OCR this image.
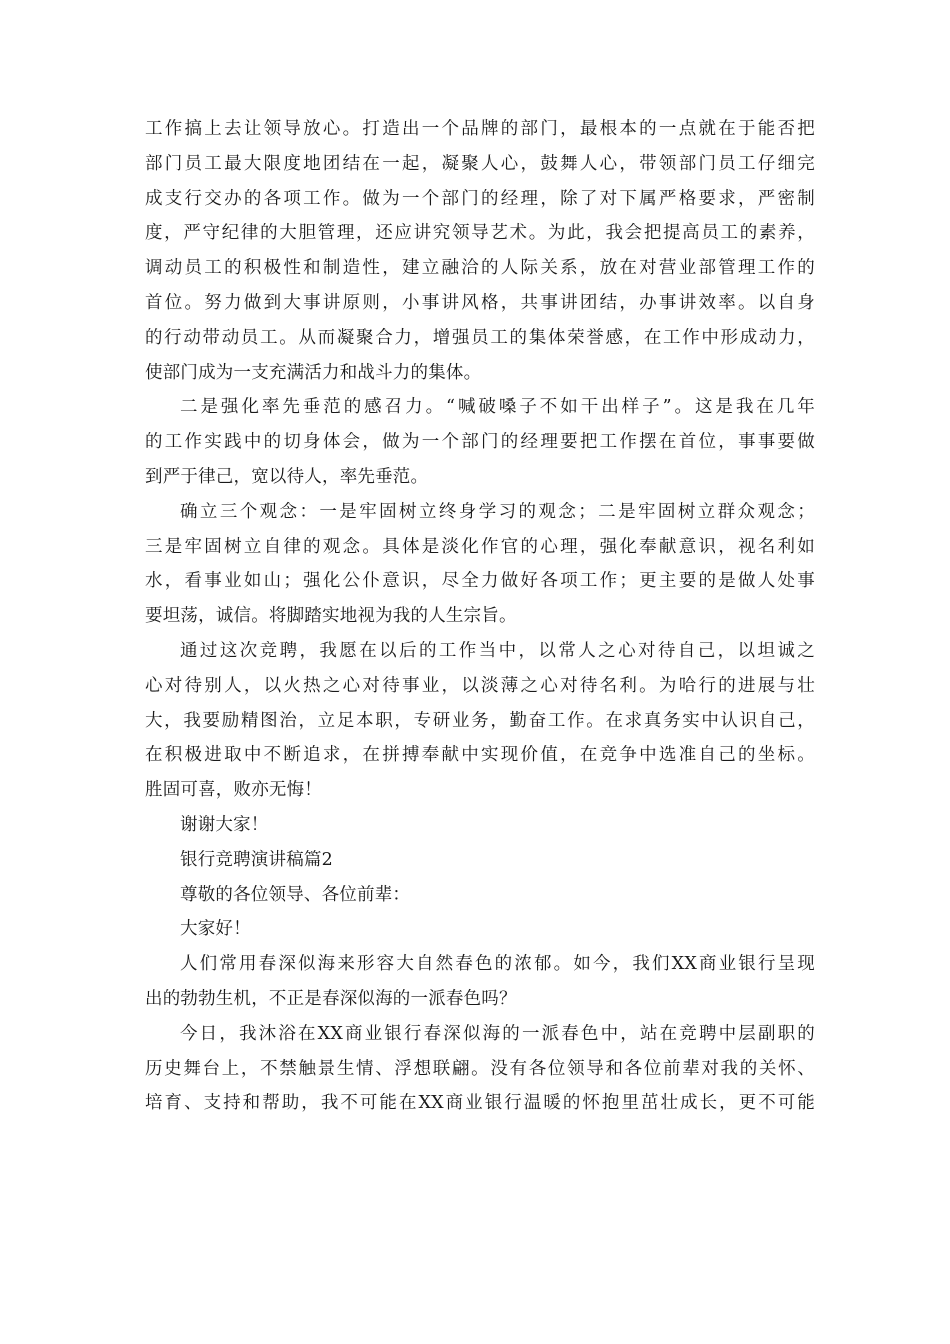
工作搞上去让领导放心。打造出一个品牌的部门，最根本的一点就在于能否把
部门员工最大限度地团结在一起，凝聚人心，鼓舞人心，带领部门员工仔细完
成支行交办的各项工作。做为一个部门的经理，除了对下属严格要求，严密制
度，严守纪律的大胆管理，还应讲究领导艺术。为此，我会把提高员工的素养，
调动员工的积极性和制造性，建立融洽的人际关系，放在对营业部管理工作的
首位。努力做到大事讲原则，小事讲风格，共事讲团结，办事讲效率。以自身
的行动带动员工。从而凝聚合力，增强员工的集体荣誉感，在工作中形成动力，
使部门成为一支充满活力和战斗力的集体。
二是强化率先垂范的感召力。“喊破嗓子不如干出样子”。这是我在几年
的工作实践中的切身体会，做为一个部门的经理要把工作摆在首位，事事要做
到严于律己，宽以待人，率先垂范。
确立三个观念：一是牢固树立终身学习的观念；二是牢固树立群众观念；
三是牢固树立自律的观念。具体是淡化作官的心理，强化奉献意识，视名利如
水，看事业如山；强化公仆意识，尽全力做好各项工作；更主要的是做人处事
要坦荡，诚信。将脚踏实地视为我的人生宗旨。
通过这次竞聘，我愿在以后的工作当中，以常人之心对待自己，以坦诚之
心对待别人，以火热之心对待事业，以淡薄之心对待名利。为哈行的进展与壮
大，我要励精图治，立足本职，专研业务，勤奋工作。在求真务实中认识自己，
在积极进取中不断追求，在拼搏奉献中实现价值，在竞争中选准自己的坐标。
胜固可喜，败亦无悔！
谢谢大家！
银行竞聘演讲稿篇2
尊敬的各位领导、各位前辈：
大家好！
人们常用春深似海来形容大自然春色的浓郁。如今，我们XX商业银行呈现
出的勃勃生机，不正是春深似海的一派春色吗？
今日，我沐浴在XX商业银行春深似海的一派春色中，站在竞聘中层副职的
历史舞台上，不禁触景生情、浮想联翩。没有各位领导和各位前辈对我的关怀、
培育、支持和帮助，我不可能在XX商业银行温暖的怀抱里茁壮成长，更不可能
